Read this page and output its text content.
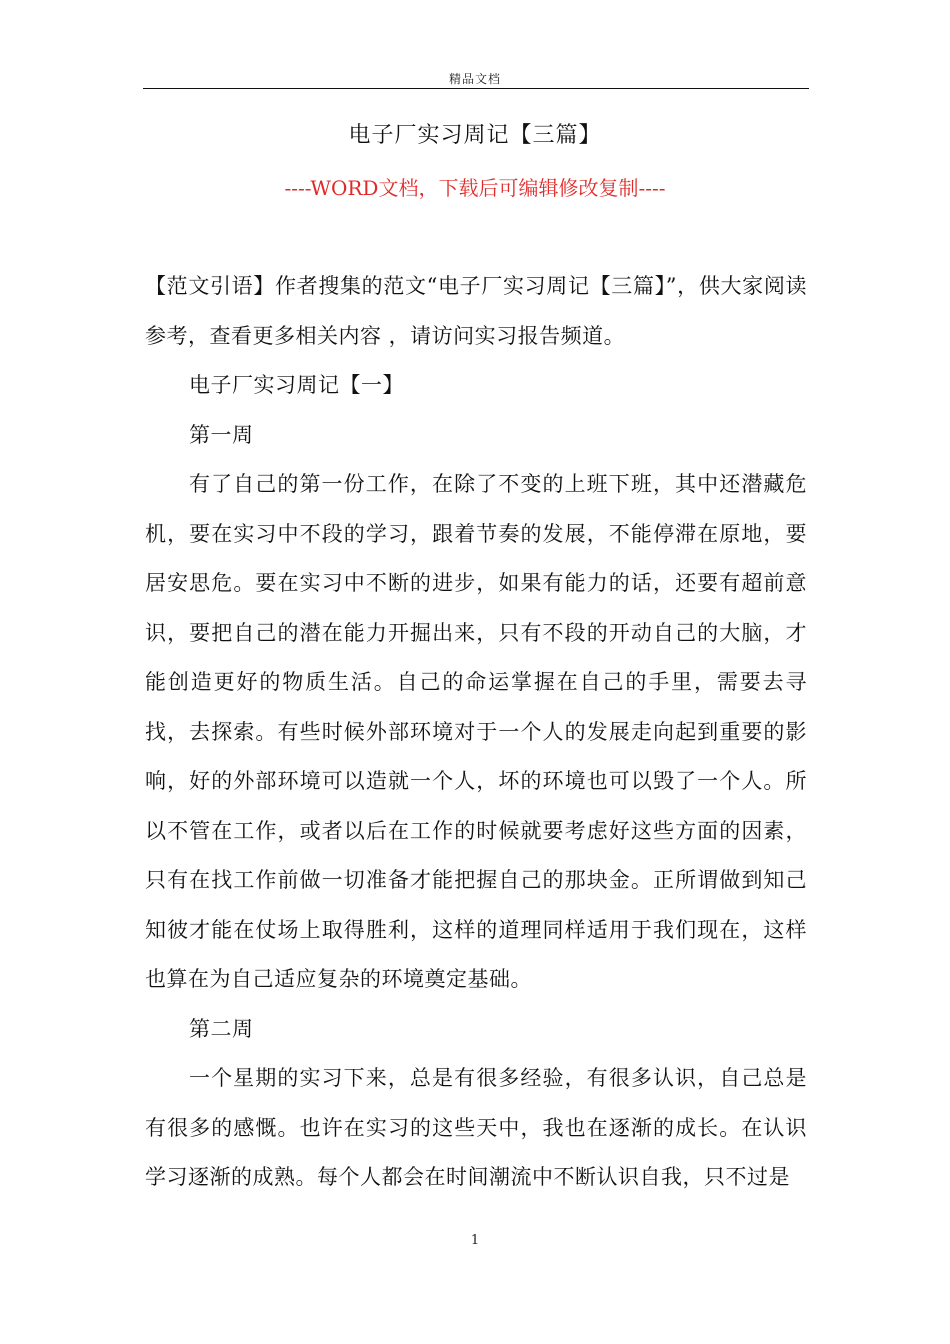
精品文档
电子厂实习周记【三篇】
----WORD文档，下载后可编辑修改复制----

【范文引语】作者搜集的范文“电子厂实习周记【三篇】”，供大家阅读参考，查看更多相关内容 ，请访问实习报告频道。

电子厂实习周记【一】

第一周

有了自己的第一份工作，在除了不变的上班下班，其中还潜藏危机，要在实习中不段的学习，跟着节奏的发展，不能停滞在原地，要居安思危。要在实习中不断的进步，如果有能力的话，还要有超前意识，要把自己的潜在能力开掘出来，只有不段的开动自己的大脑，才能创造更好的物质生活。自己的命运掌握在自己的手里，需要去寻找，去探索。有些时候外部环境对于一个人的发展走向起到重要的影响，好的外部环境可以造就一个人，坏的环境也可以毁了一个人。所以不管在工作，或者以后在工作的时候就要考虑好这些方面的因素，只有在找工作前做一切准备才能把握自己的那块金。正所谓做到知己知彼才能在仗场上取得胜利，这样的道理同样适用于我们现在，这样也算在为自己适应复杂的环境奠定基础。

第二周

一个星期的实习下来，总是有很多经验，有很多认识，自己总是有很多的感慨。也许在实习的这些天中，我也在逐渐的成长。在认识学习逐渐的成熟。每个人都会在时间潮流中不断认识自我，只不过是

1
